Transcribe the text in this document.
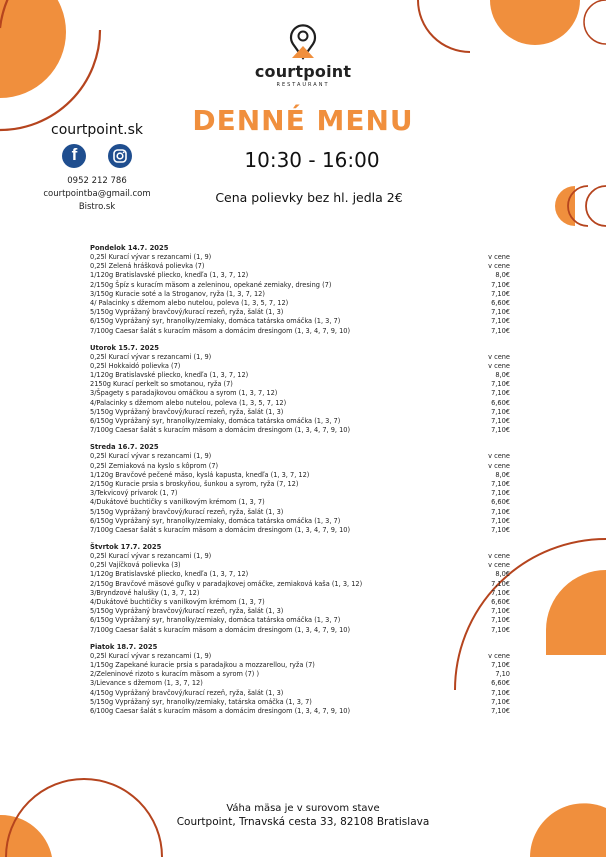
courtpoint
RESTAURANT
DENNÉ MENU
10:30 - 16:00
Cena polievky bez hl. jedla 2€
courtpoint.sk
f

0952 212 786
courtpointba@gmail.com
Bistro.sk
Pondelok 14.7. 2025
0,25l Kurací vývar s rezancami (1, 9)	v cene
0,25l Zelená hrášková polievka (7)	v cene
1/120g Bratislavské pliecko, knedľa (1, 3, 7, 12)	8,0€
2/150g Špíz s kuracím mäsom a zeleninou, opekané zemiaky, dresing (7)	7,10€
3/150g Kuracie soté a la Stroganov, ryža (1, 3, 7, 12)	7,10€
4/ Palacinky s džemom alebo nutelou, poleva (1, 3, 5, 7, 12)	6,60€
5/150g Vyprážaný bravčový/kurací rezeň, ryža, šalát (1, 3)	7,10€
6/150g Vyprážaný syr, hranolky/zemiaky, domáca tatárska omáčka (1, 3, 7)	7,10€
7/100g Caesar šalát s kuracím mäsom a domácim dresingom (1, 3, 4, 7, 9, 10)	7,10€
Utorok 15.7. 2025
0,25l Kurací vývar s rezancami (1, 9)	v cene
0,25l Hokkaidó polievka (7)	v cene
1/120g Bratislavské pliecko, knedľa (1, 3, 7, 12)	8,0€
2150g Kurací perkelt so smotanou, ryža (7)	7,10€
3/Špagety s paradajkovou omáčkou a syrom (1, 3, 7, 12)	7,10€
4/Palacinky s džemom alebo nutelou, poleva (1, 3, 5, 7, 12)	6,60€
5/150g Vyprážaný bravčový/kurací rezeň, ryža, šalát (1, 3)	7,10€
6/150g Vyprážaný syr, hranolky/zemiaky, domáca tatárska omáčka (1, 3, 7)	7,10€
7/100g Caesar šalát s kuracím mäsom a domácim dresingom (1, 3, 4, 7, 9, 10)	7,10€
Streda 16.7. 2025
0,25l Kurací vývar s rezancami (1, 9)	v cene
0,25l Zemiaková na kyslo s kôprom (7)	v cene
1/120g Bravčové pečené mäso, kyslá kapusta, knedľa (1, 3, 7, 12)	8,0€
2/150g Kuracie prsia s broskyňou, šunkou a syrom, ryža (7, 12)	7,10€
3/Tekvicový prívarok (1, 7)	7,10€
4/Dukátové buchtičky s vanilkovým krémom (1, 3, 7)	6,60€
5/150g Vyprážaný bravčový/kurací rezeň, ryža, šalát (1, 3)	7,10€
6/150g Vyprážaný syr, hranolky/zemiaky, domáca tatárska omáčka (1, 3, 7)	7,10€
7/100g Caesar šalát s kuracím mäsom a domácim dresingom (1, 3, 4, 7, 9, 10)	7,10€
Štvrtok 17.7. 2025
0,25l Kurací vývar s rezancami (1, 9)	v cene
0,25l Vajíčková polievka (3)	v cene
1/120g Bratislavské pliecko, knedľa (1, 3, 7, 12)	8,0€
2/150g Bravčové mäsové guľky v paradajkovej omáčke, zemiaková kaša (1, 3, 12)	7,10€
3/Bryndzové halušky (1, 3, 7, 12)	7,10€
4/Dukátové buchtičky s vanilkovým krémom (1, 3, 7)	6,60€
5/150g Vyprážaný bravčový/kurací rezeň, ryža, šalát (1, 3)	7,10€
6/150g Vyprážaný syr, hranolky/zemiaky, domáca tatárska omáčka (1, 3, 7)	7,10€
7/100g Caesar šalát s kuracím mäsom a domácim dresingom (1, 3, 4, 7, 9, 10)	7,10€
Piatok 18.7. 2025
0,25l Kurací vývar s rezancami (1, 9)	v cene
1/150g Zapekané kuracie prsia s paradajkou a mozzarellou, ryža (7)	7,10€
2/Zeleninové rizoto s kuracím mäsom a syrom (7) )	7,10
3/Lievance s džemom (1, 3, 7, 12)	6,60€
4/150g Vyprážaný bravčový/kurací rezeň, ryža, šalát (1, 3)	7,10€
5/150g Vyprážaný syr, hranolky/zemiaky, tatárska omáčka (1, 3, 7)	7,10€
6/100g Caesar šalát s kuracím mäsom a domácim dresingom (1, 3, 4, 7, 9, 10)	7,10€
Váha mäsa je v surovom stave
Courtpoint, Trnavská cesta 33, 82108 Bratislava
